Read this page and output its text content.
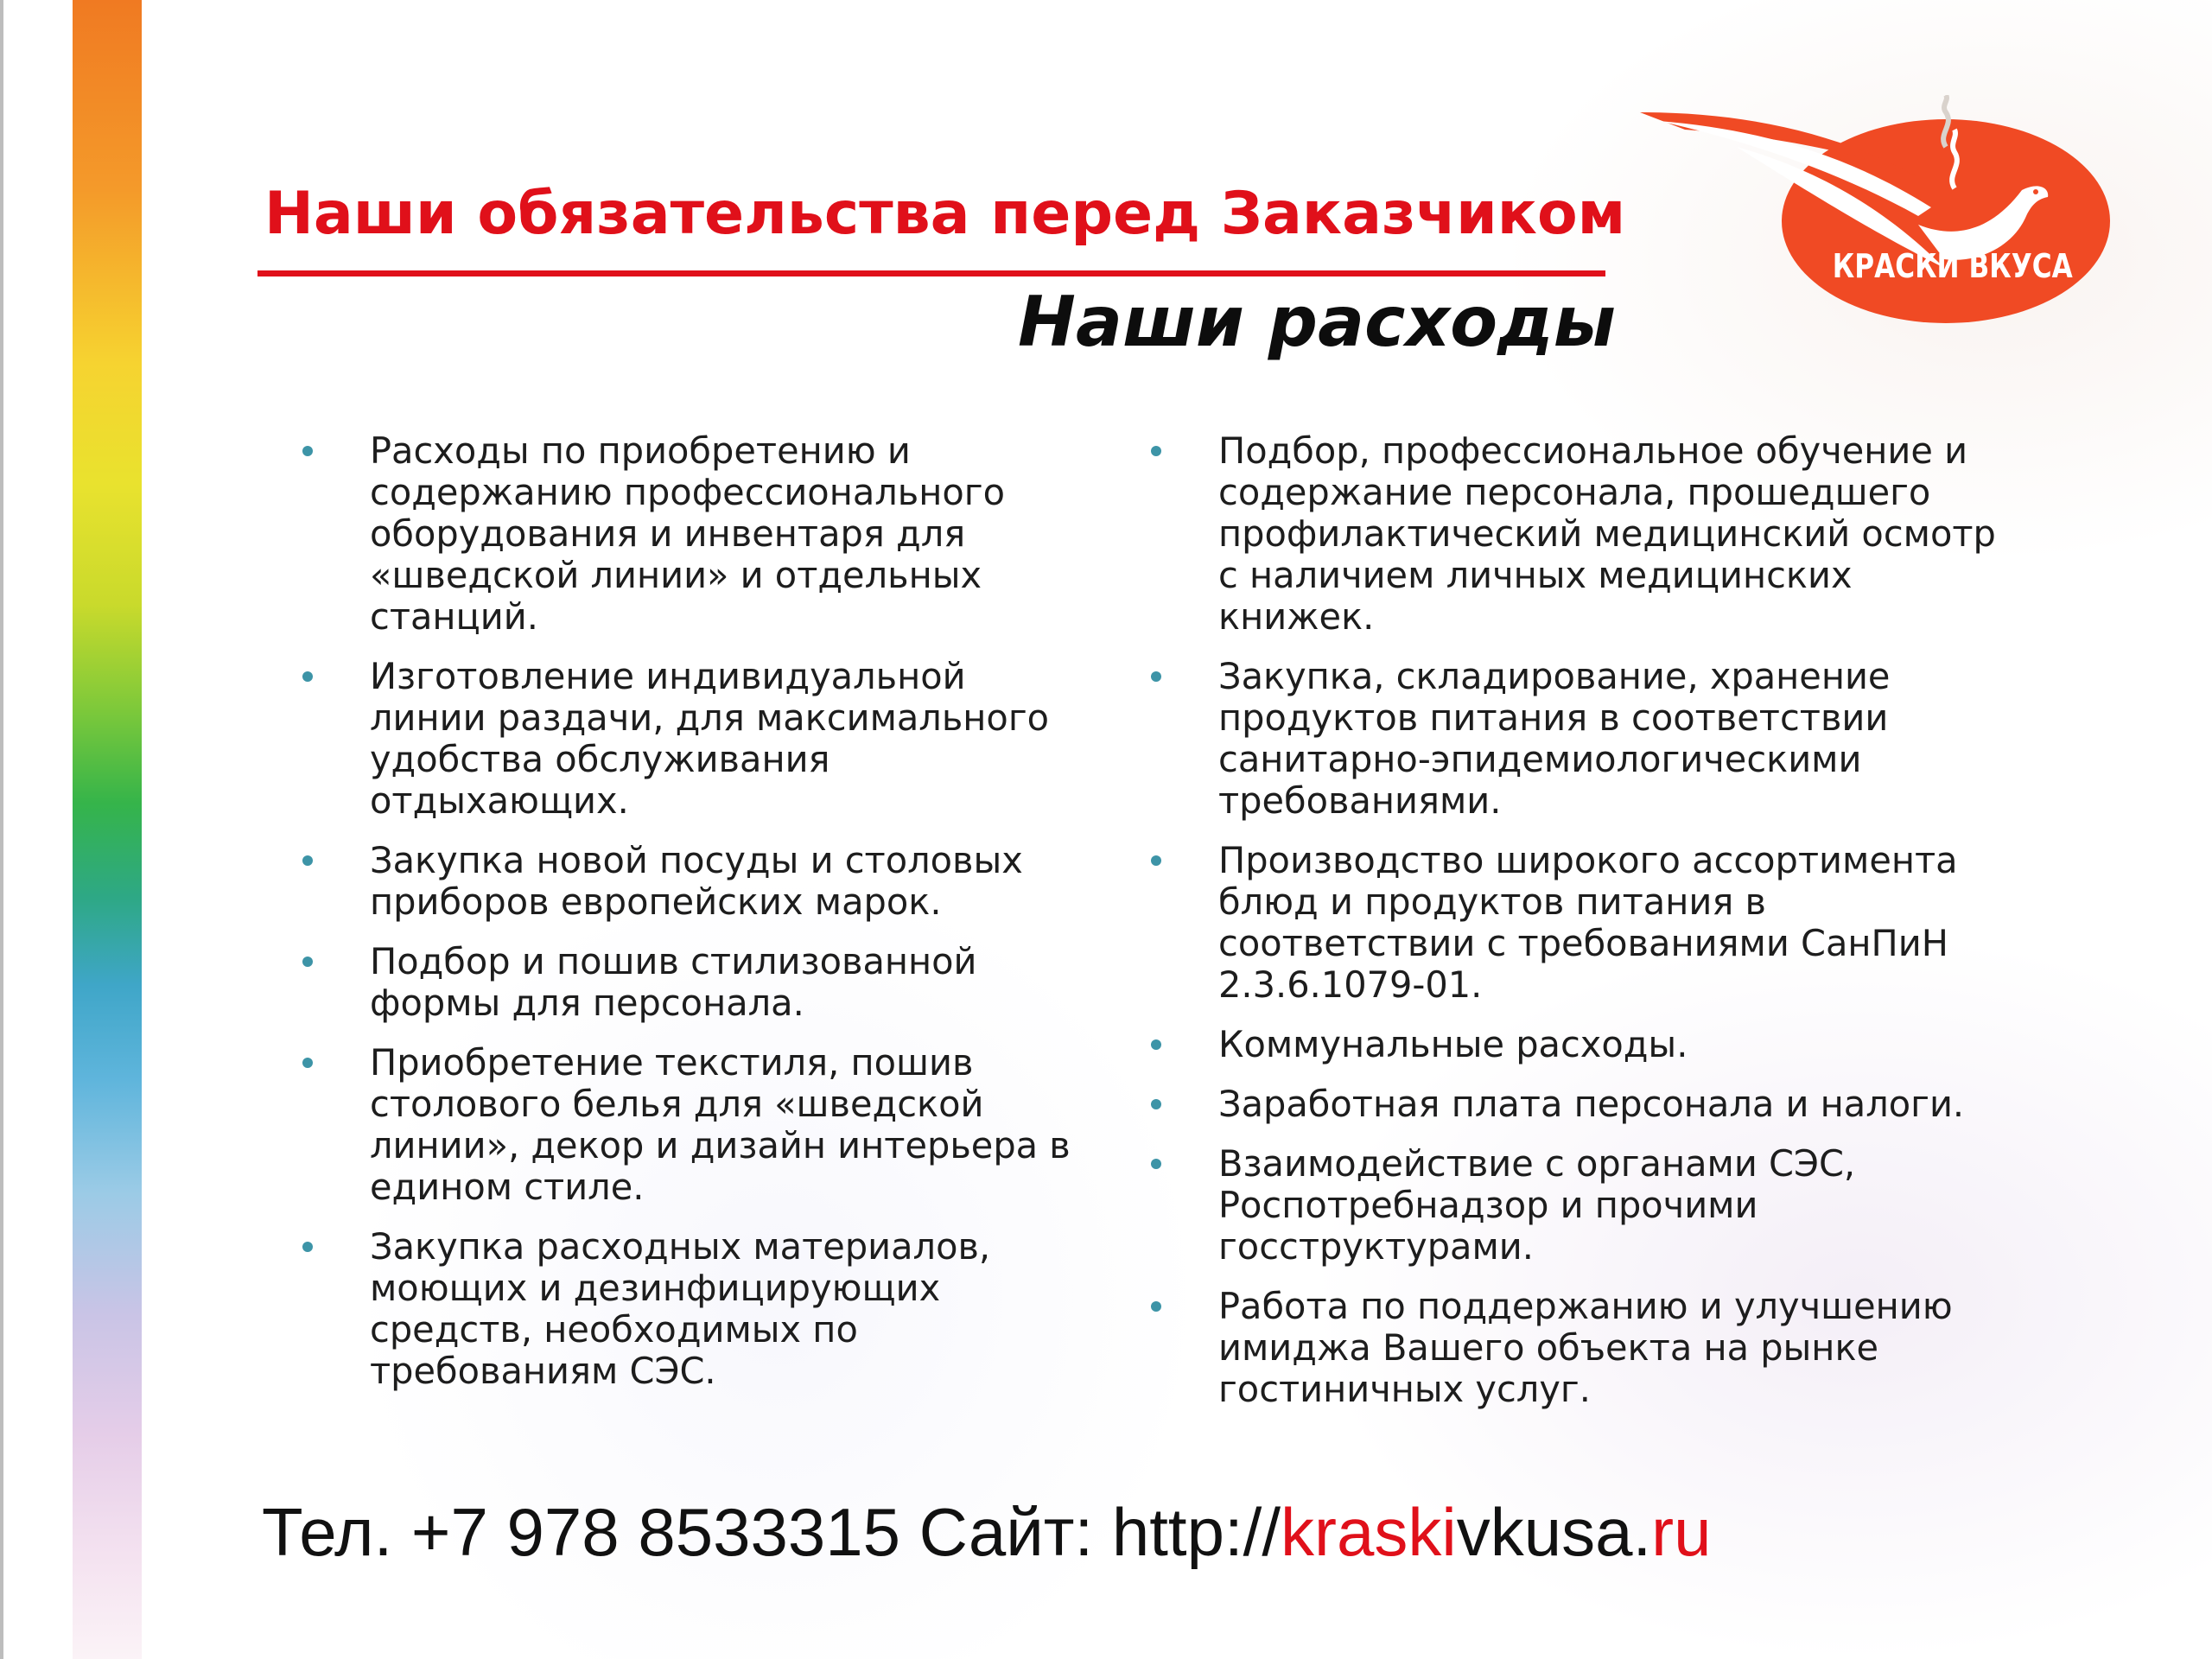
Наши обязательства перед Заказчиком
Наши расходы
КРАСКИ ВКУСА
Расходы по приобретению и
содержанию профессионального
оборудования и инвентаря для
«шведской линии» и отдельных
станций.
Изготовление индивидуальной
линии раздачи, для максимального
удобства обслуживания
отдыхающих.
Закупка новой посуды и столовых
приборов европейских марок.
Подбор и пошив стилизованной
формы для персонала.
Приобретение текстиля, пошив
столового белья для «шведской
линии», декор и дизайн интерьера в
едином стиле.
Закупка расходных материалов,
моющих и дезинфицирующих
средств, необходимых по
требованиям СЭС.
Подбор, профессиональное обучение и
содержание персонала, прошедшего
профилактический медицинский осмотр
с наличием личных медицинских
книжек.
Закупка, складирование, хранение
продуктов питания в соответствии
санитарно-эпидемиологическими
требованиями.
Производство широкого ассортимента
блюд и продуктов питания в
соответствии с требованиями СанПиН
2.3.6.1079-01.
Коммунальные расходы.
Заработная плата персонала и налоги.
Взаимодействие с органами СЭС,
Роспотребнадзор и прочими
госструктурами.
Работа по поддержанию и улучшению
имиджа Вашего объекта на рынке
гостиничных услуг.

Тел. +7 978 8533315 Сайт: http://kraskivkusa.ru
